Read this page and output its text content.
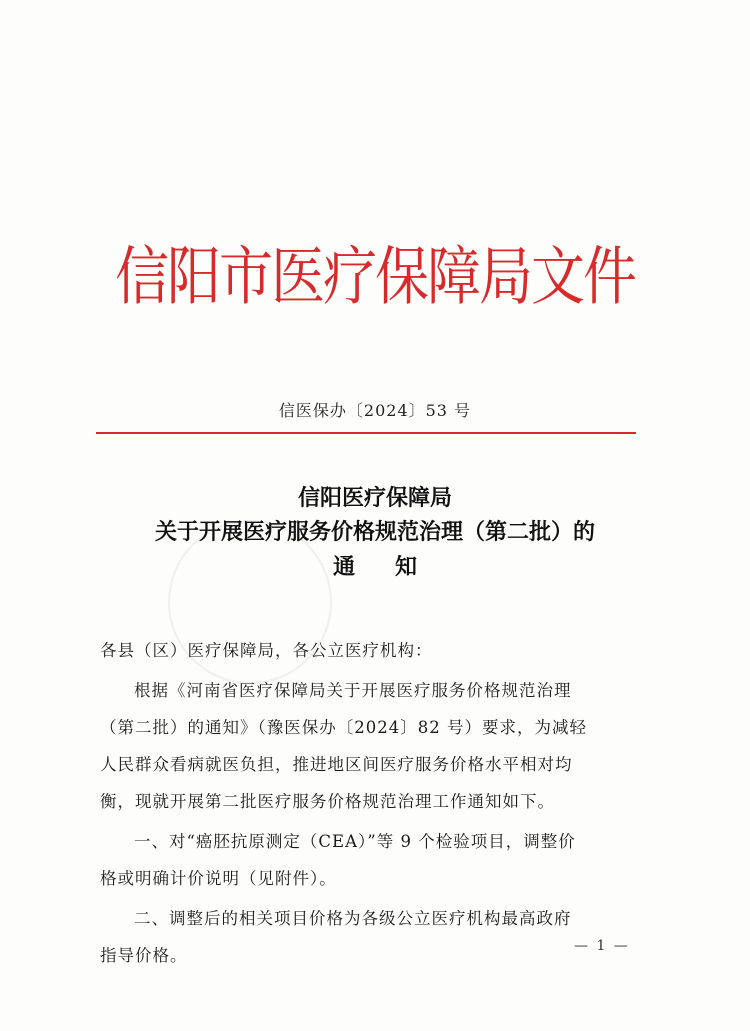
信阳市医疗保障局文件
信医保办〔2024〕53 号
信阳医疗保障局
关于开展医疗服务价格规范治理（第二批）的
通知
各县（区）医疗保障局，各公立医疗机构：
根据《河南省医疗保障局关于开展医疗服务价格规范治理
（第二批）的通知》（豫医保办〔2024〕82 号）要求，为减轻
人民群众看病就医负担，推进地区间医疗服务价格水平相对均
衡，现就开展第二批医疗服务价格规范治理工作通知如下。
一、对“癌胚抗原测定（CEA）”等 9 个检验项目，调整价
格或明确计价说明（见附件）。
二、调整后的相关项目价格为各级公立医疗机构最高政府
指导价格。	— 1 —
